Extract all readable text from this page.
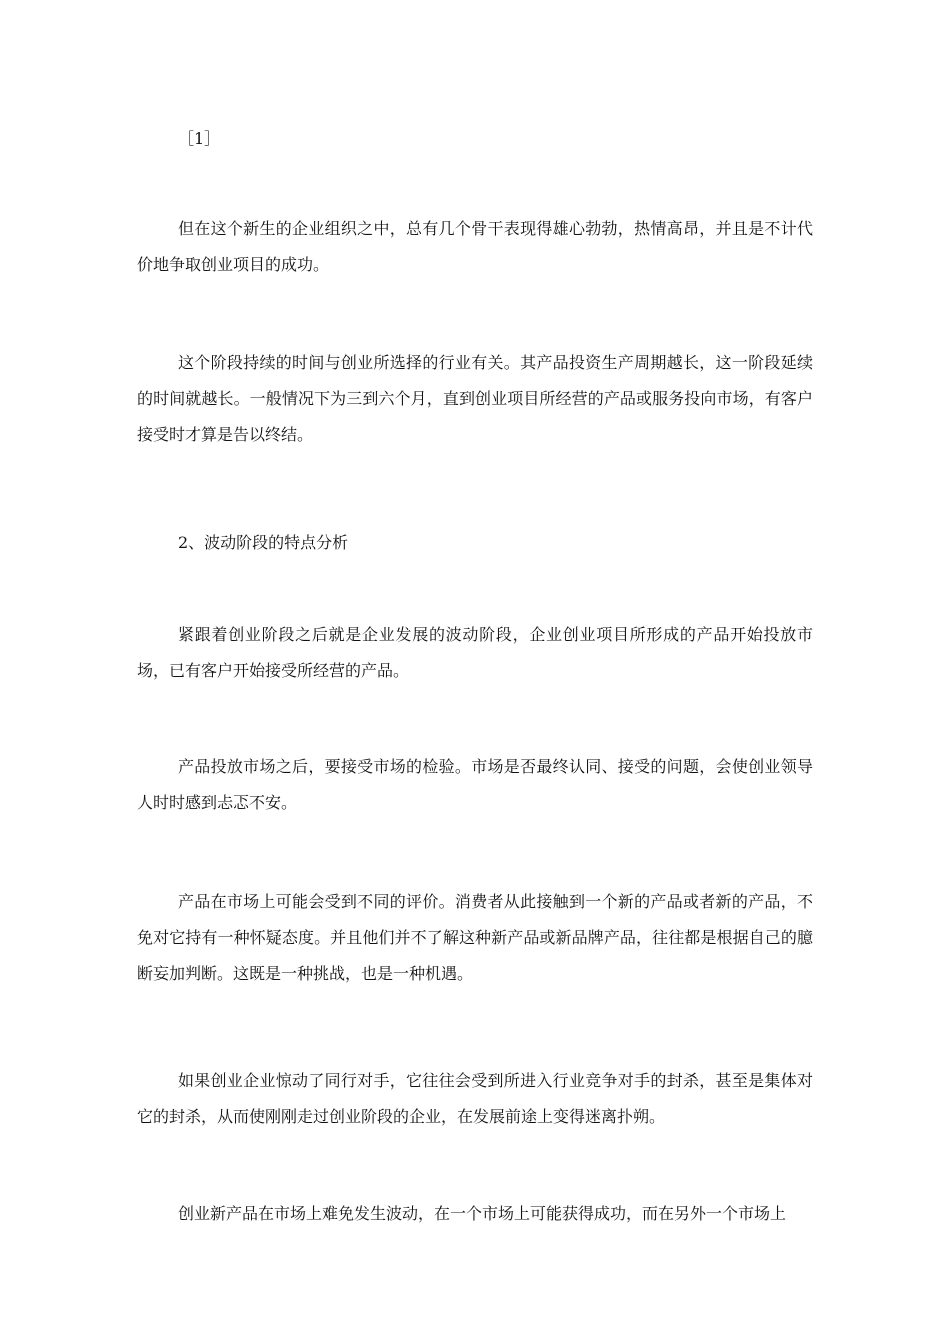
［1］

但在这个新生的企业组织之中，总有几个骨干表现得雄心勃勃，热情高昂，并且是不计代价地争取创业项目的成功。

这个阶段持续的时间与创业所选择的行业有关。其产品投资生产周期越长，这一阶段延续的时间就越长。一般情况下为三到六个月，直到创业项目所经营的产品或服务投向市场，有客户接受时才算是告以终结。

2、波动阶段的特点分析

紧跟着创业阶段之后就是企业发展的波动阶段，企业创业项目所形成的产品开始投放市场，已有客户开始接受所经营的产品。

产品投放市场之后，要接受市场的检验。市场是否最终认同、接受的问题，会使创业领导人时时感到忐忑不安。

产品在市场上可能会受到不同的评价。消费者从此接触到一个新的产品或者新的产品，不免对它持有一种怀疑态度。并且他们并不了解这种新产品或新品牌产品，往往都是根据自己的臆断妄加判断。这既是一种挑战，也是一种机遇。

如果创业企业惊动了同行对手，它往往会受到所进入行业竞争对手的封杀，甚至是集体对它的封杀，从而使刚刚走过创业阶段的企业，在发展前途上变得迷离扑朔。

创业新产品在市场上难免发生波动，在一个市场上可能获得成功，而在另外一个市场上
